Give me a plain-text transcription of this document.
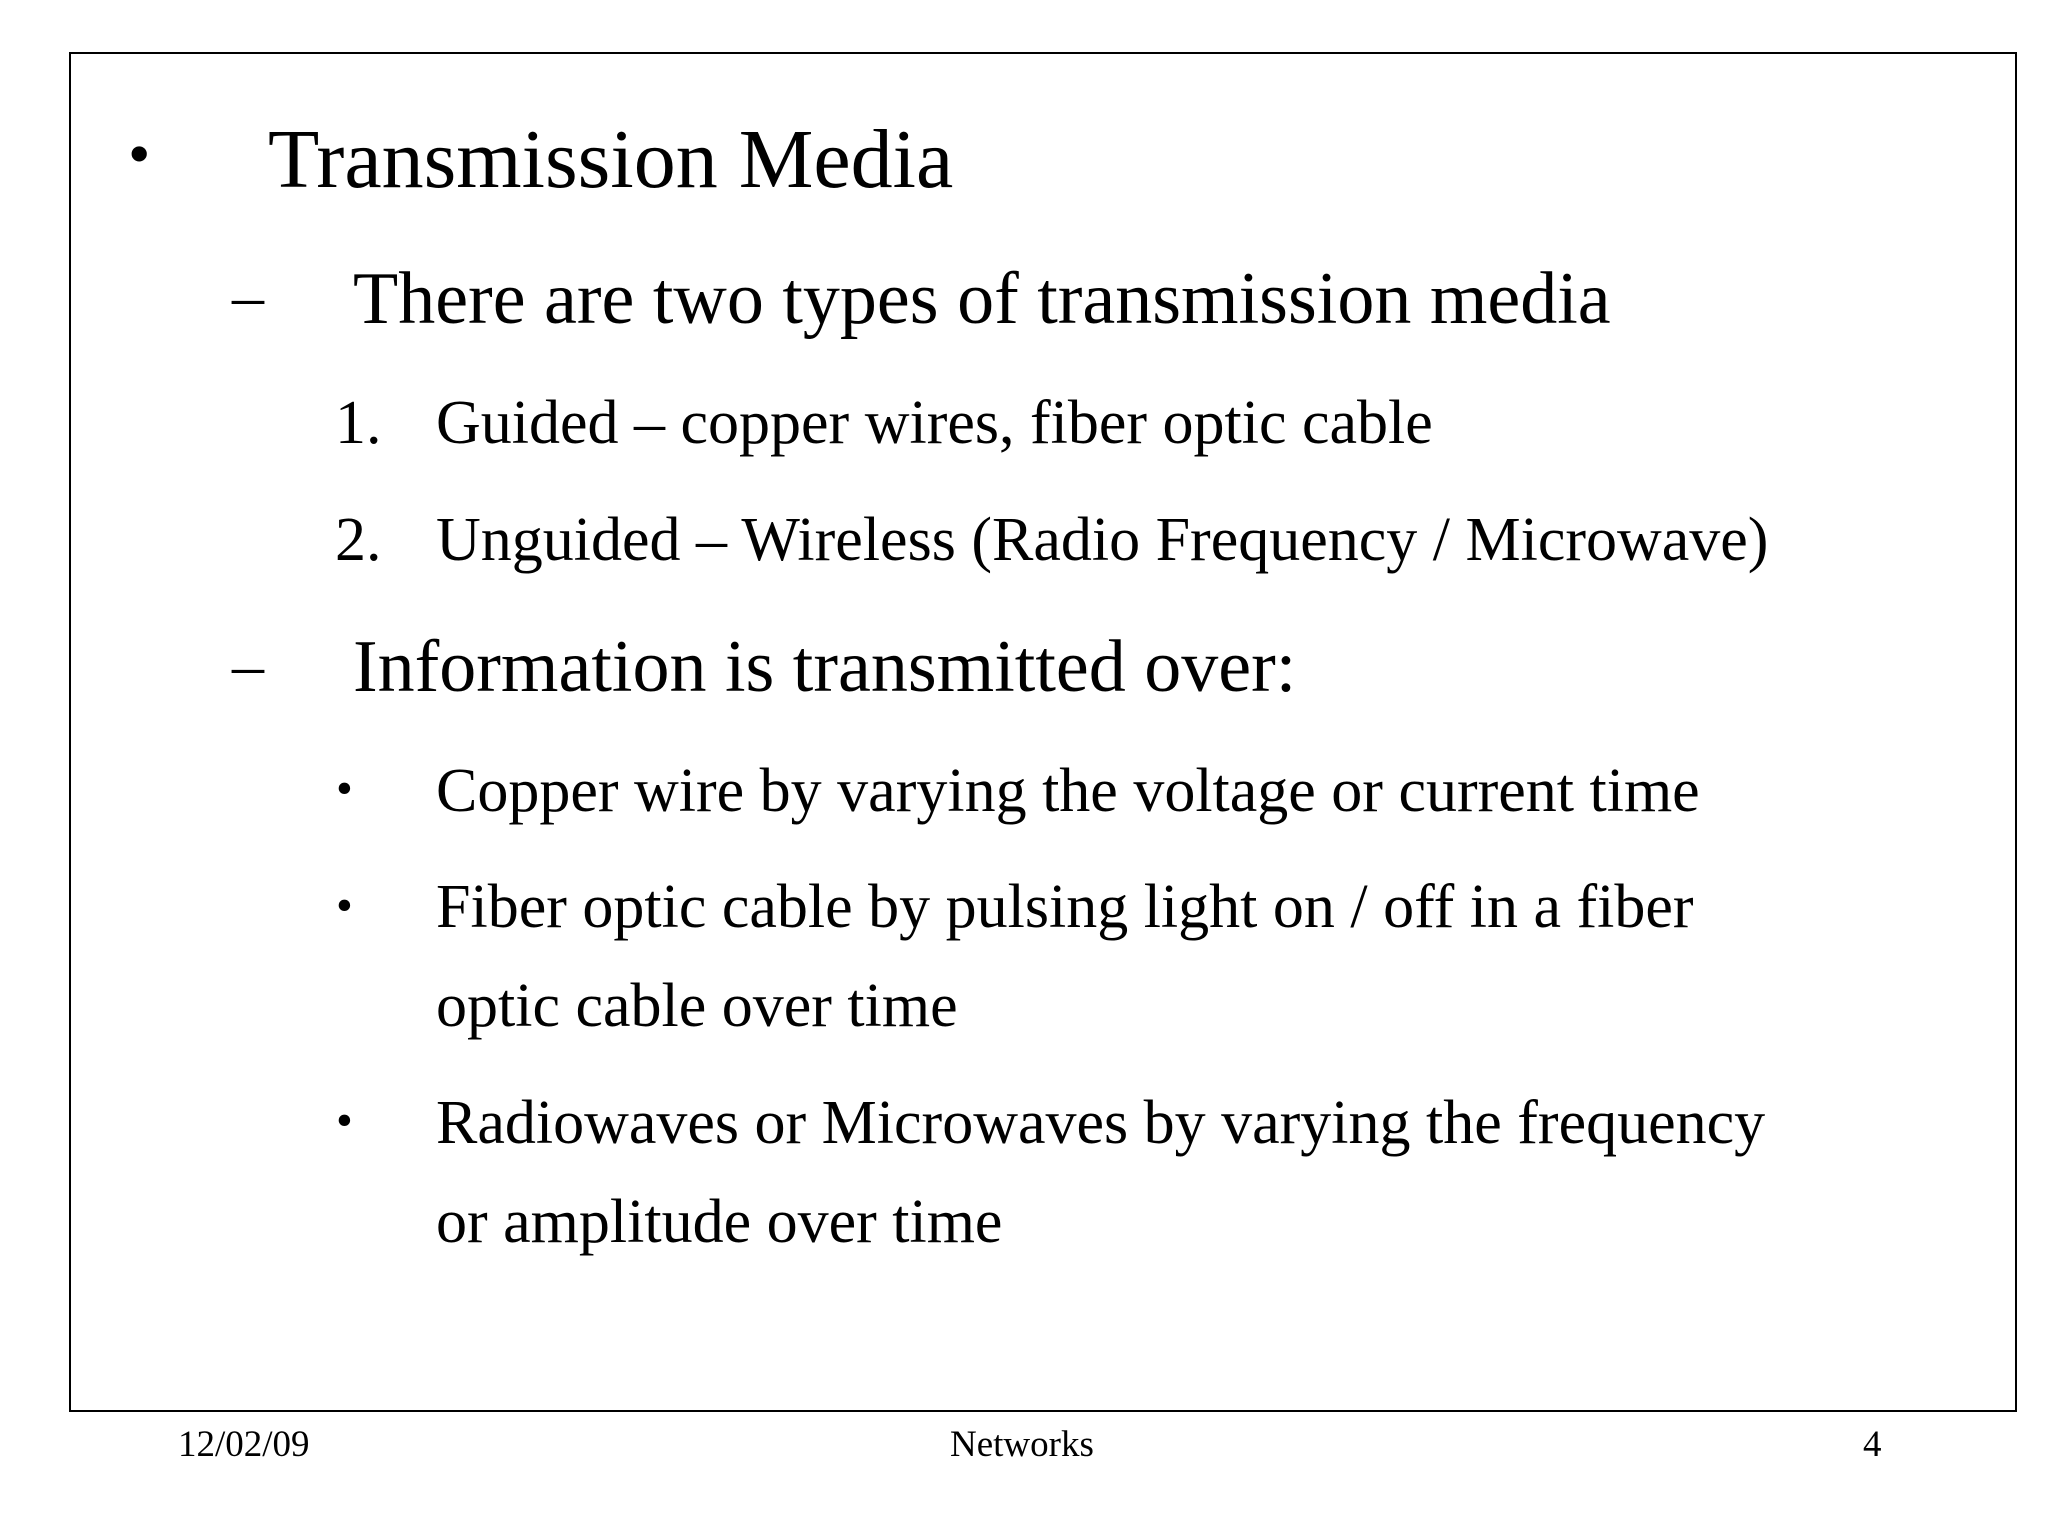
• Transmission Media
– There are two types of transmission media
1. Guided – copper wires, fiber optic cable
2. Unguided – Wireless (Radio Frequency / Microwave)
– Information is transmitted over:
• Copper wire by varying the voltage or current time
• Fiber optic cable by pulsing light on / off in a fiber
optic cable over time
• Radiowaves or Microwaves by varying the frequency
or amplitude over time
12/02/09	Networks	4
